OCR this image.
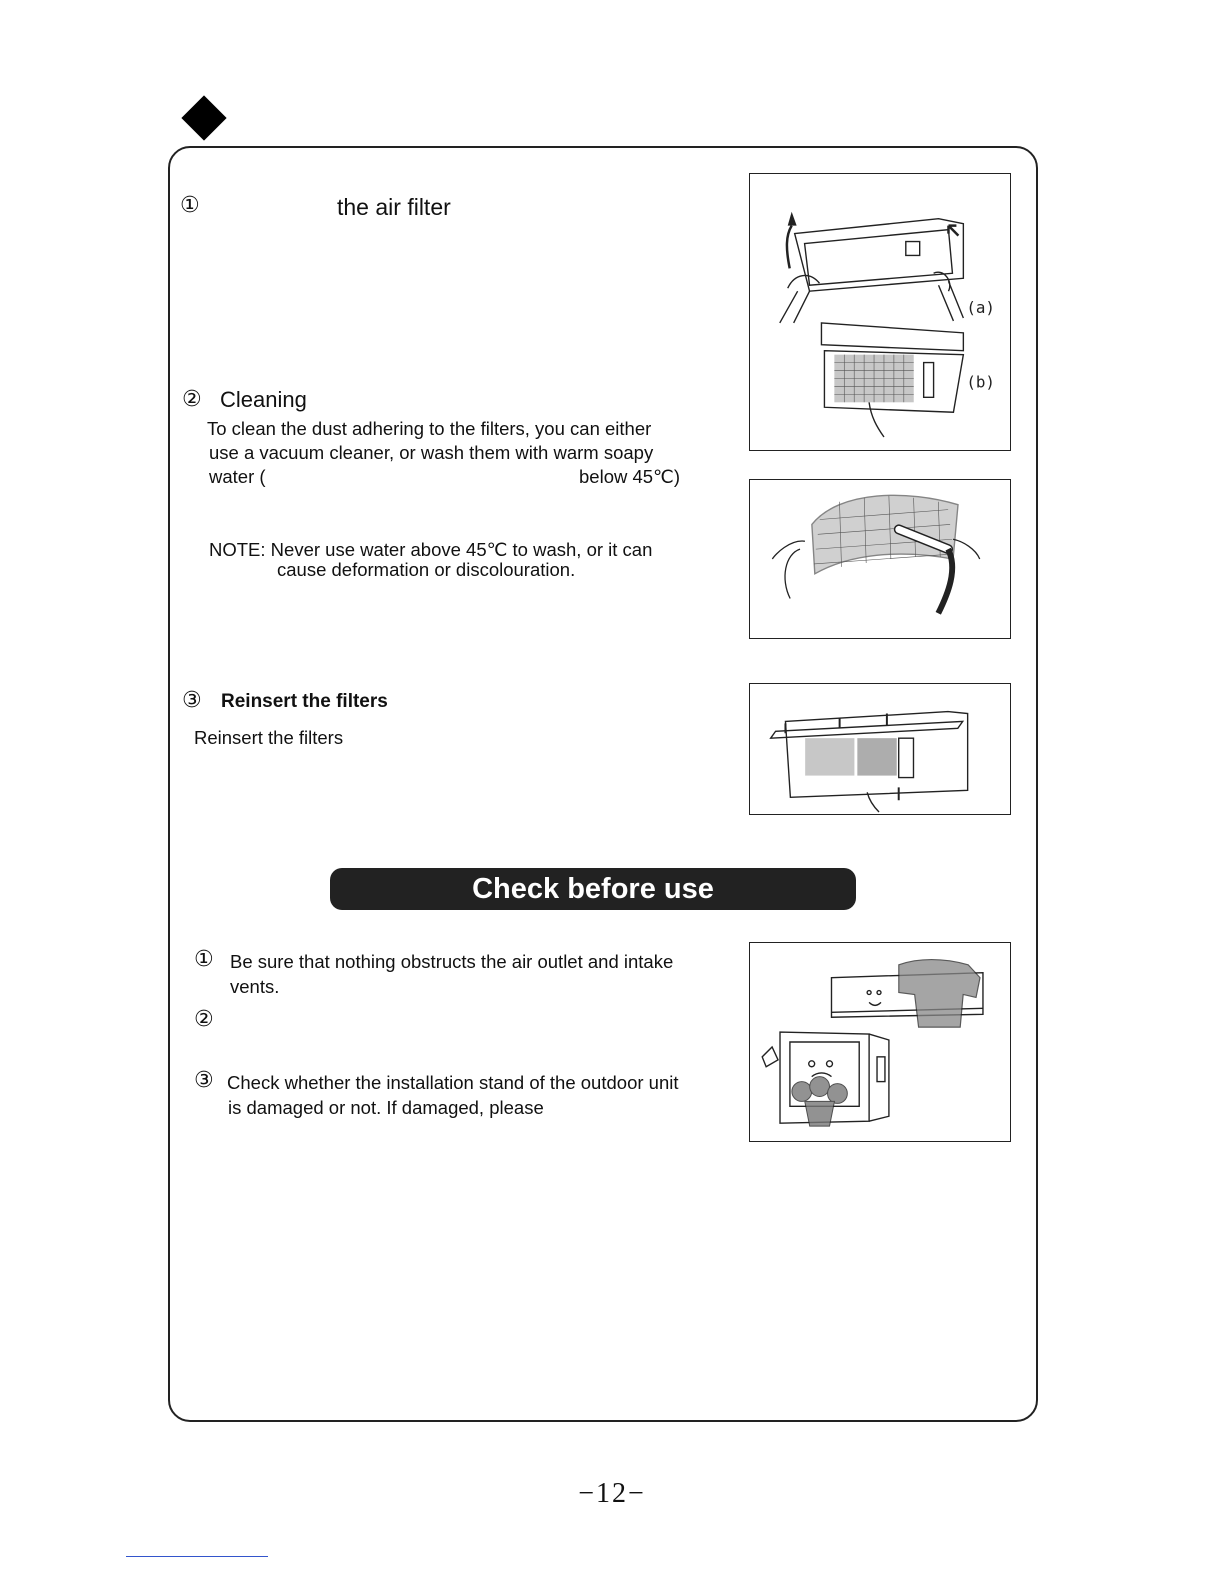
①	the air filter
② Cleaning
To clean the dust adhering to the filters, you can either
use a vacuum cleaner, or wash them with warm soapy
water (	below 45℃)
NOTE: Never use water above 45℃ to wash, or it can
cause deformation or discolouration.
③ Reinsert the filters
Reinsert the filters
(a)
(b)
Check before use
① Be sure that nothing obstructs the air outlet and intake
vents.
②
③ Check whether the installation stand of the outdoor unit
is damaged or not. If damaged, please
−12−
